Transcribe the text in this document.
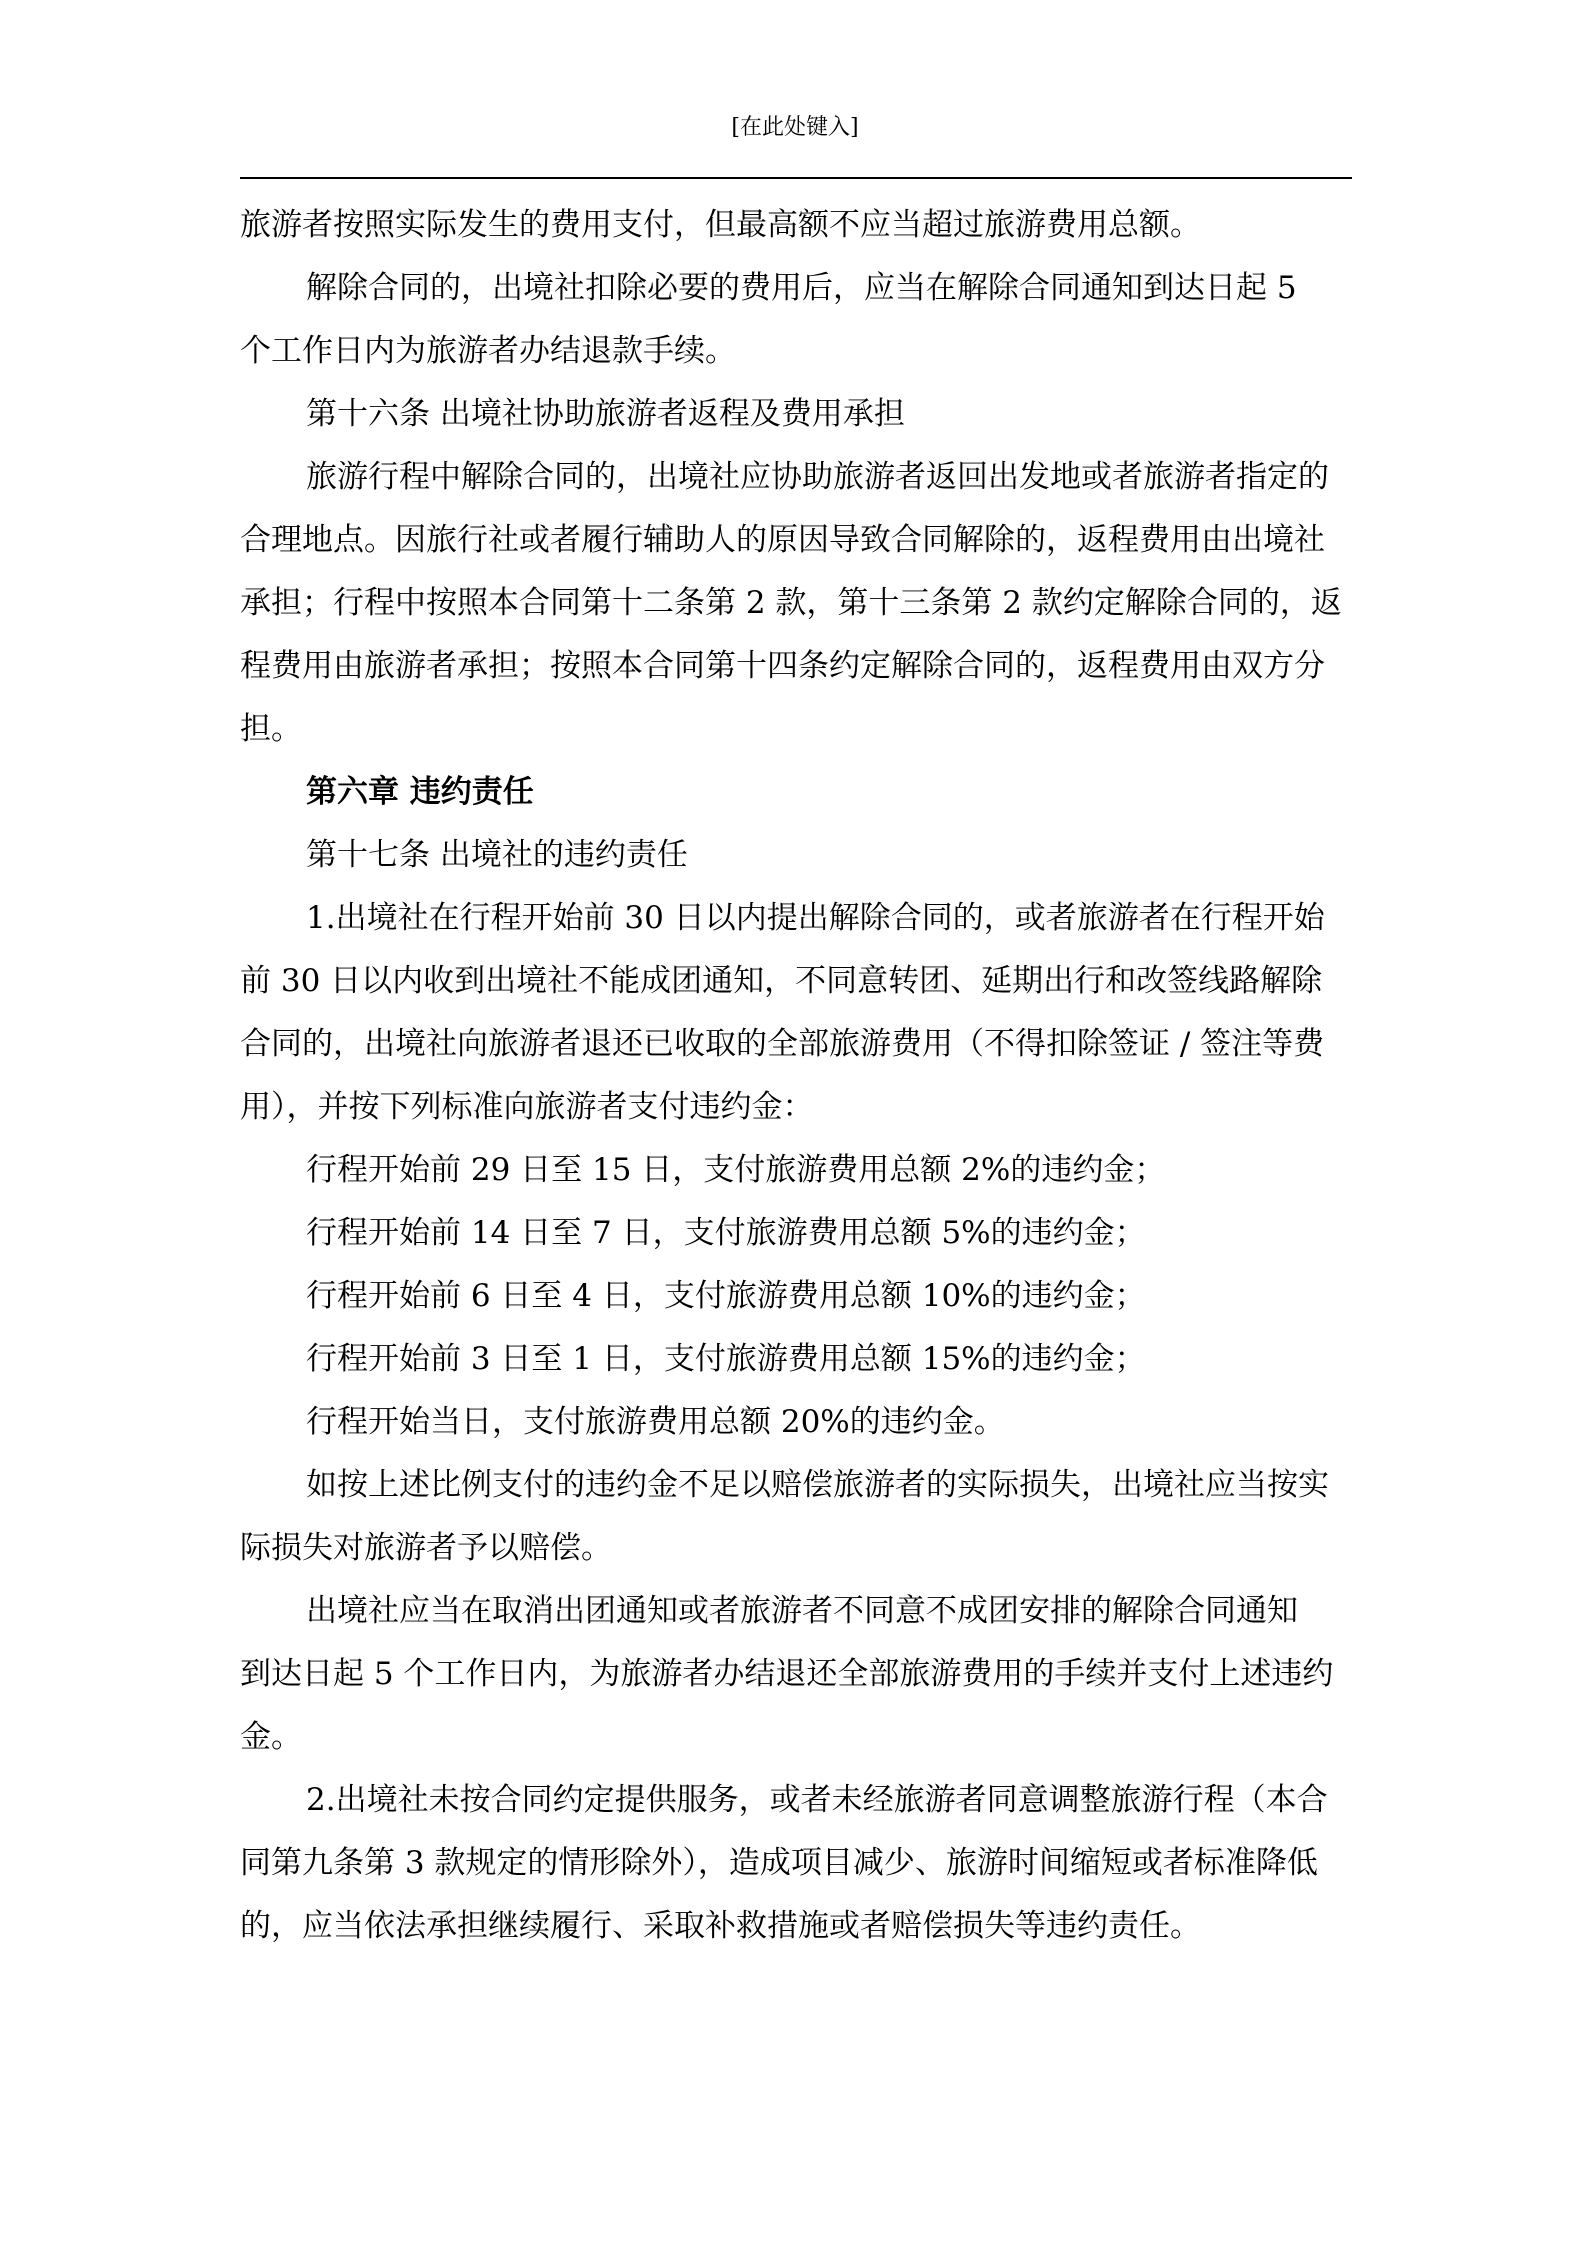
[在此处键入]

旅游者按照实际发生的费用支付，但最高额不应当超过旅游费用总额。

解除合同的，出境社扣除必要的费用后，应当在解除合同通知到达日起 5

个工作日内为旅游者办结退款手续。

第十六条 出境社协助旅游者返程及费用承担

旅游行程中解除合同的，出境社应协助旅游者返回出发地或者旅游者指定的

合理地点。因旅行社或者履行辅助人的原因导致合同解除的，返程费用由出境社

承担；行程中按照本合同第十二条第 2 款，第十三条第 2 款约定解除合同的，返

程费用由旅游者承担；按照本合同第十四条约定解除合同的，返程费用由双方分

担。

第六章 违约责任

第十七条 出境社的违约责任

1.出境社在行程开始前 30 日以内提出解除合同的，或者旅游者在行程开始

前 30 日以内收到出境社不能成团通知，不同意转团、延期出行和改签线路解除

合同的，出境社向旅游者退还已收取的全部旅游费用（不得扣除签证 / 签注等费

用），并按下列标准向旅游者支付违约金：

行程开始前 29 日至 15 日，支付旅游费用总额 2%的违约金；

行程开始前 14 日至 7 日，支付旅游费用总额 5%的违约金；

行程开始前 6 日至 4 日，支付旅游费用总额 10%的违约金；

行程开始前 3 日至 1 日，支付旅游费用总额 15%的违约金；

行程开始当日，支付旅游费用总额 20%的违约金。

如按上述比例支付的违约金不足以赔偿旅游者的实际损失，出境社应当按实

际损失对旅游者予以赔偿。

出境社应当在取消出团通知或者旅游者不同意不成团安排的解除合同通知

到达日起 5 个工作日内，为旅游者办结退还全部旅游费用的手续并支付上述违约

金。

2.出境社未按合同约定提供服务，或者未经旅游者同意调整旅游行程（本合

同第九条第 3 款规定的情形除外），造成项目减少、旅游时间缩短或者标准降低

的，应当依法承担继续履行、采取补救措施或者赔偿损失等违约责任。
